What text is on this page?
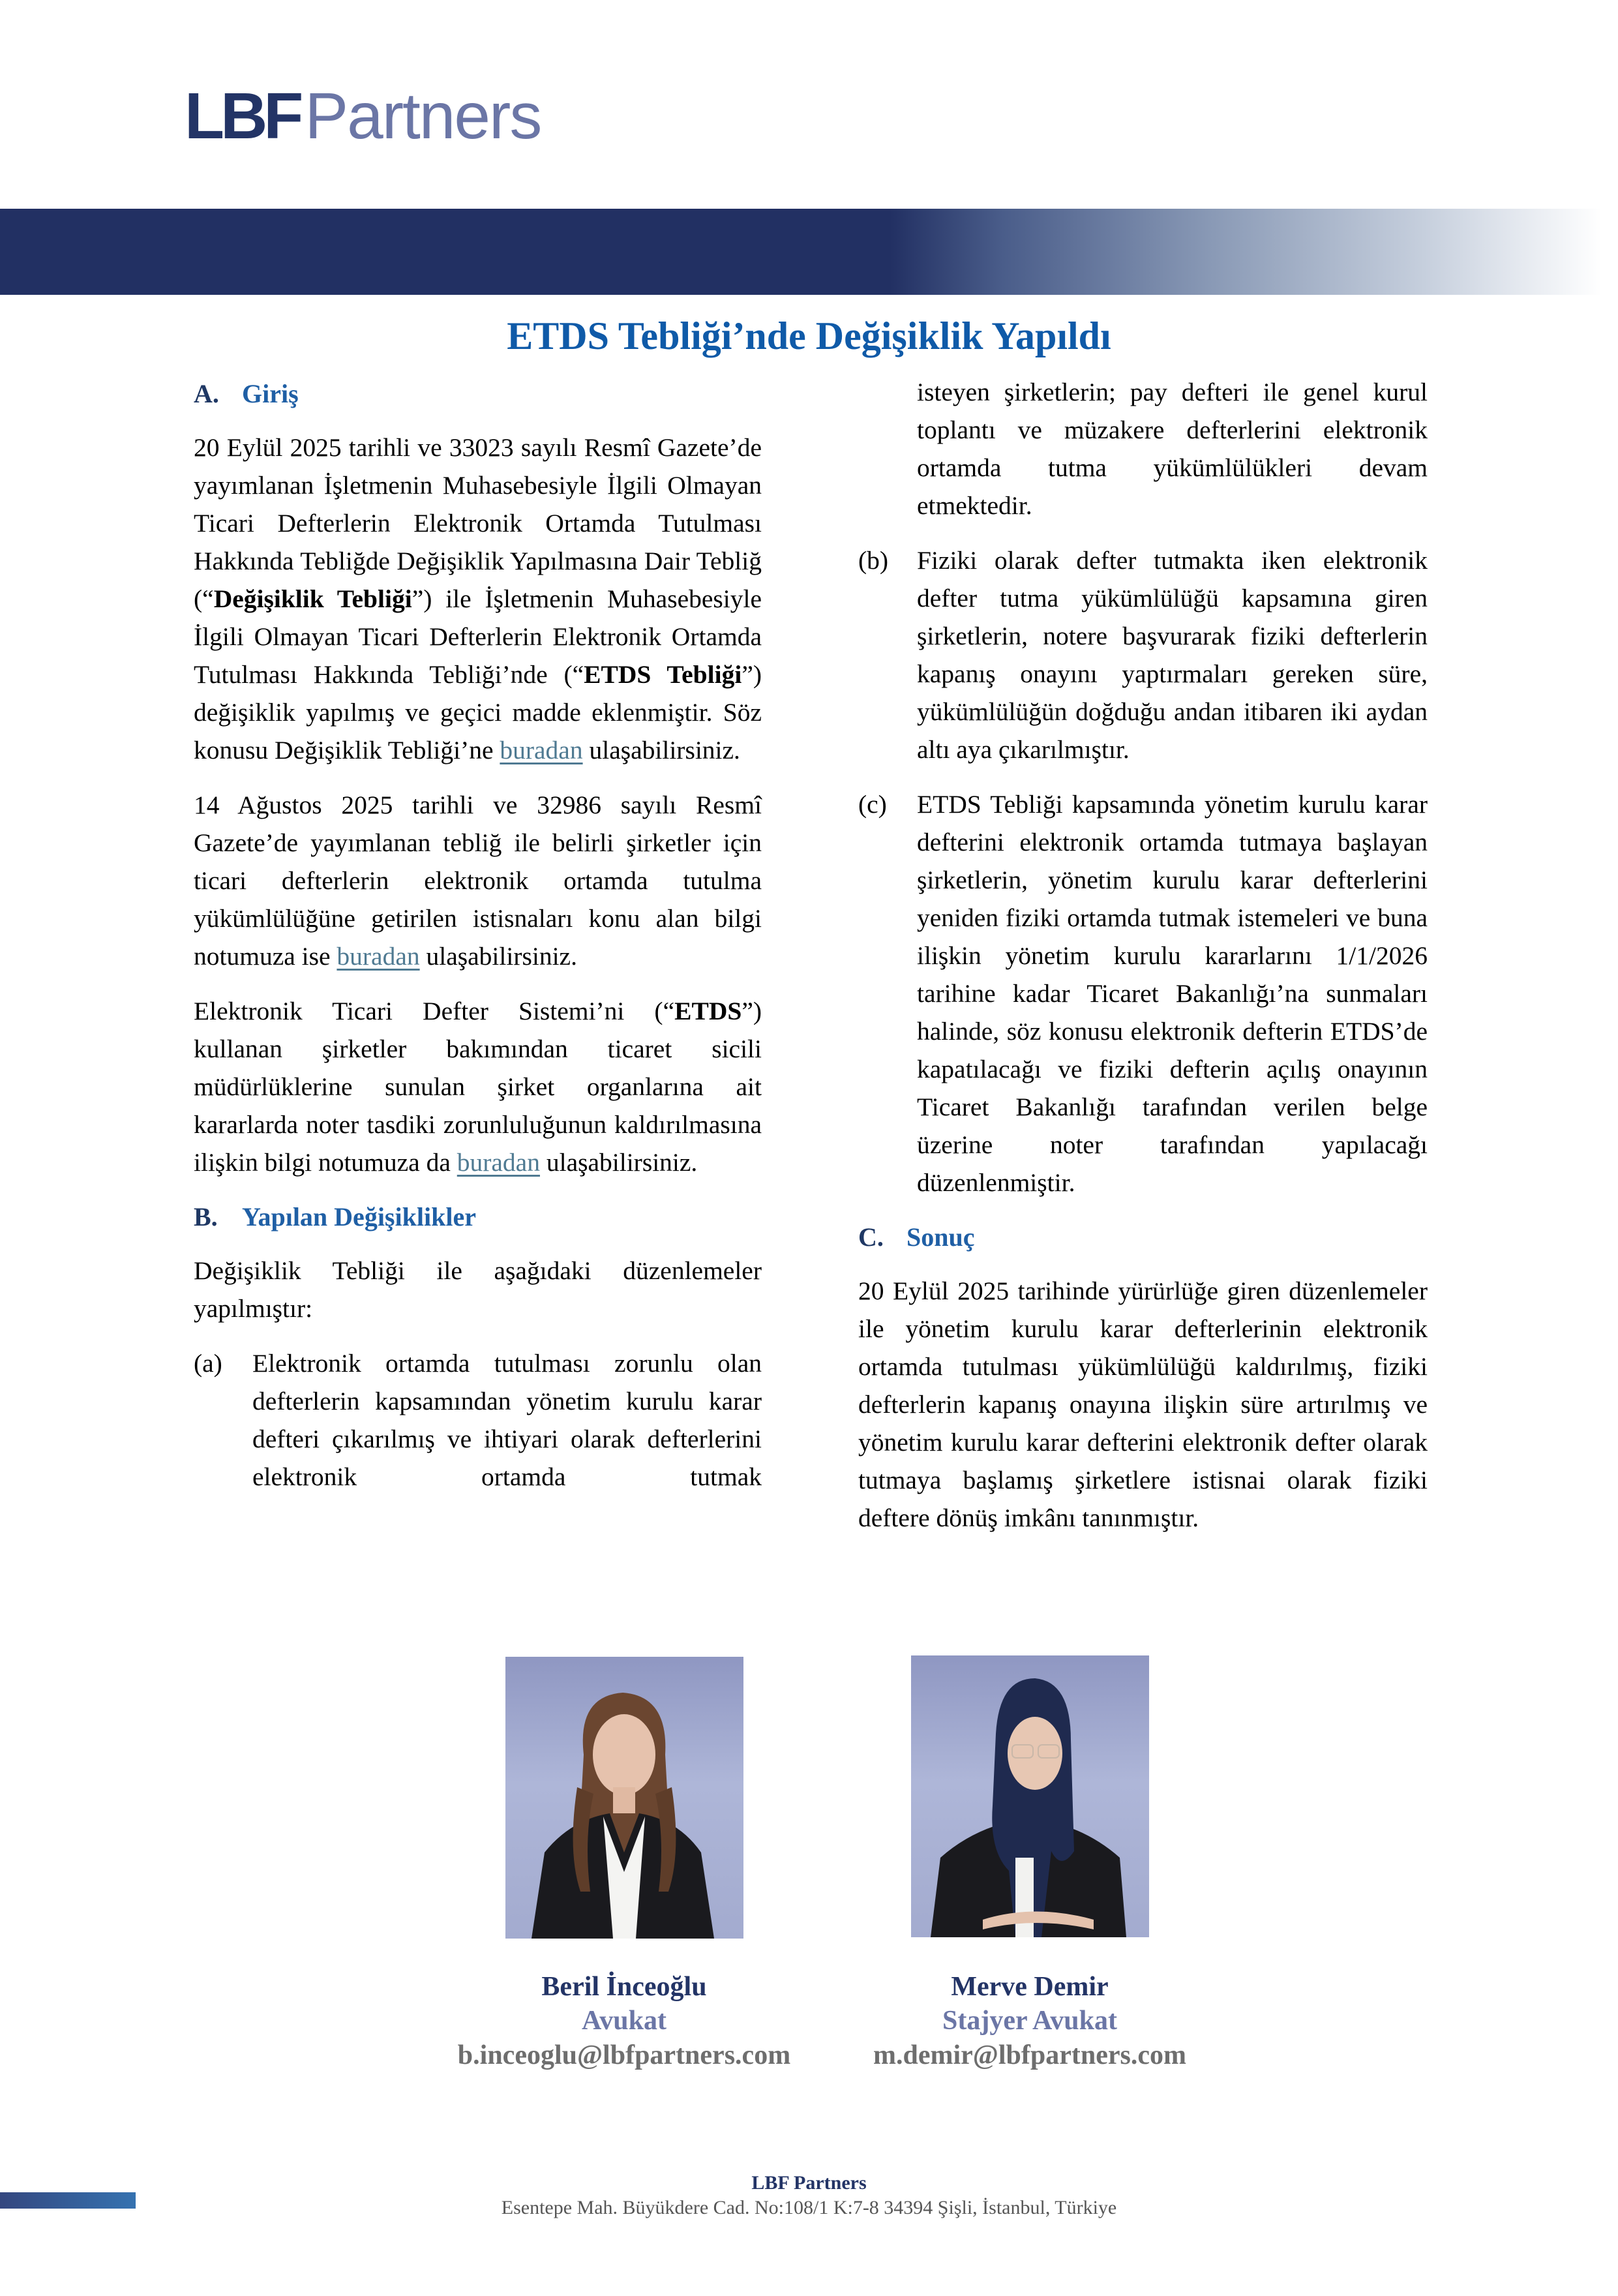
LBFPartners
ETDS Tebliği’nde Değişiklik Yapıldı
A. Giriş

20 Eylül 2025 tarihli ve 33023 sayılı Resmî Gazete’de yayımlanan İşletmenin Muhasebesiyle İlgili Olmayan Ticari Defterlerin Elektronik Ortamda Tutulması Hakkında Tebliğde Değişiklik Yapılmasına Dair Tebliğ (“Değişiklik Tebliği”) ile İşletmenin Muhasebesiyle İlgili Olmayan Ticari Defterlerin Elektronik Ortamda Tutulması Hakkında Tebliği’nde (“ETDS Tebliği”) değişiklik yapılmış ve geçici madde eklenmiştir. Söz konusu Değişiklik Tebliği’ne buradan ulaşabilirsiniz.

14 Ağustos 2025 tarihli ve 32986 sayılı Resmî Gazete’de yayımlanan tebliğ ile belirli şirketler için ticari defterlerin elektronik ortamda tutulma yükümlülüğüne getirilen istisnaları konu alan bilgi notumuza ise buradan ulaşabilirsiniz.

Elektronik Ticari Defter Sistemi’ni (“ETDS”) kullanan şirketler bakımından ticaret sicili müdürlüklerine sunulan şirket organlarına ait kararlarda noter tasdiki zorunluluğunun kaldırılmasına ilişkin bilgi notumuza da buradan ulaşabilirsiniz.

B. Yapılan Değişiklikler

Değişiklik Tebliği ile aşağıdaki düzenlemeler yapılmıştır:

(a)	Elektronik ortamda tutulması zorunlu olan defterlerin kapsamından yönetim kurulu karar defteri çıkarılmış ve ihtiyari olarak defterlerini elektronik ortamda tutmak

isteyen şirketlerin; pay defteri ile genel kurul toplantı ve müzakere defterlerini elektronik ortamda tutma yükümlülükleri devam etmektedir.

(b)	Fiziki olarak defter tutmakta iken elektronik defter tutma yükümlülüğü kapsamına giren şirketlerin, notere başvurarak fiziki defterlerin kapanış onayını yaptırmaları gereken süre, yükümlülüğün doğduğu andan itibaren iki aydan altı aya çıkarılmıştır.
(c)	ETDS Tebliği kapsamında yönetim kurulu karar defterini elektronik ortamda tutmaya başlayan şirketlerin, yönetim kurulu karar defterlerini yeniden fiziki ortamda tutmak istemeleri ve buna ilişkin yönetim kurulu kararlarını 1/1/2026 tarihine kadar Ticaret Bakanlığı’na sunmaları halinde, söz konusu elektronik defterin ETDS’de kapatılacağı ve fiziki defterin açılış onayının Ticaret Bakanlığı tarafından verilen belge üzerine noter tarafından yapılacağı düzenlenmiştir.
C. Sonuç

20 Eylül 2025 tarihinde yürürlüğe giren düzenlemeler ile yönetim kurulu karar defterlerinin elektronik ortamda tutulması yükümlülüğü kaldırılmış, fiziki defterlerin kapanış onayına ilişkin süre artırılmış ve yönetim kurulu karar defterini elektronik defter olarak tutmaya başlamış şirketlere istisnai olarak fiziki deftere dönüş imkânı tanınmıştır.

Beril İnceoğlu
Avukat
b.inceoglu@lbfpartners.com
Merve Demir
Stajyer Avukat
m.demir@lbfpartners.com
LBF Partners
Esentepe Mah. Büyükdere Cad. No:108/1 K:7-8 34394 Şişli, İstanbul, Türkiye
